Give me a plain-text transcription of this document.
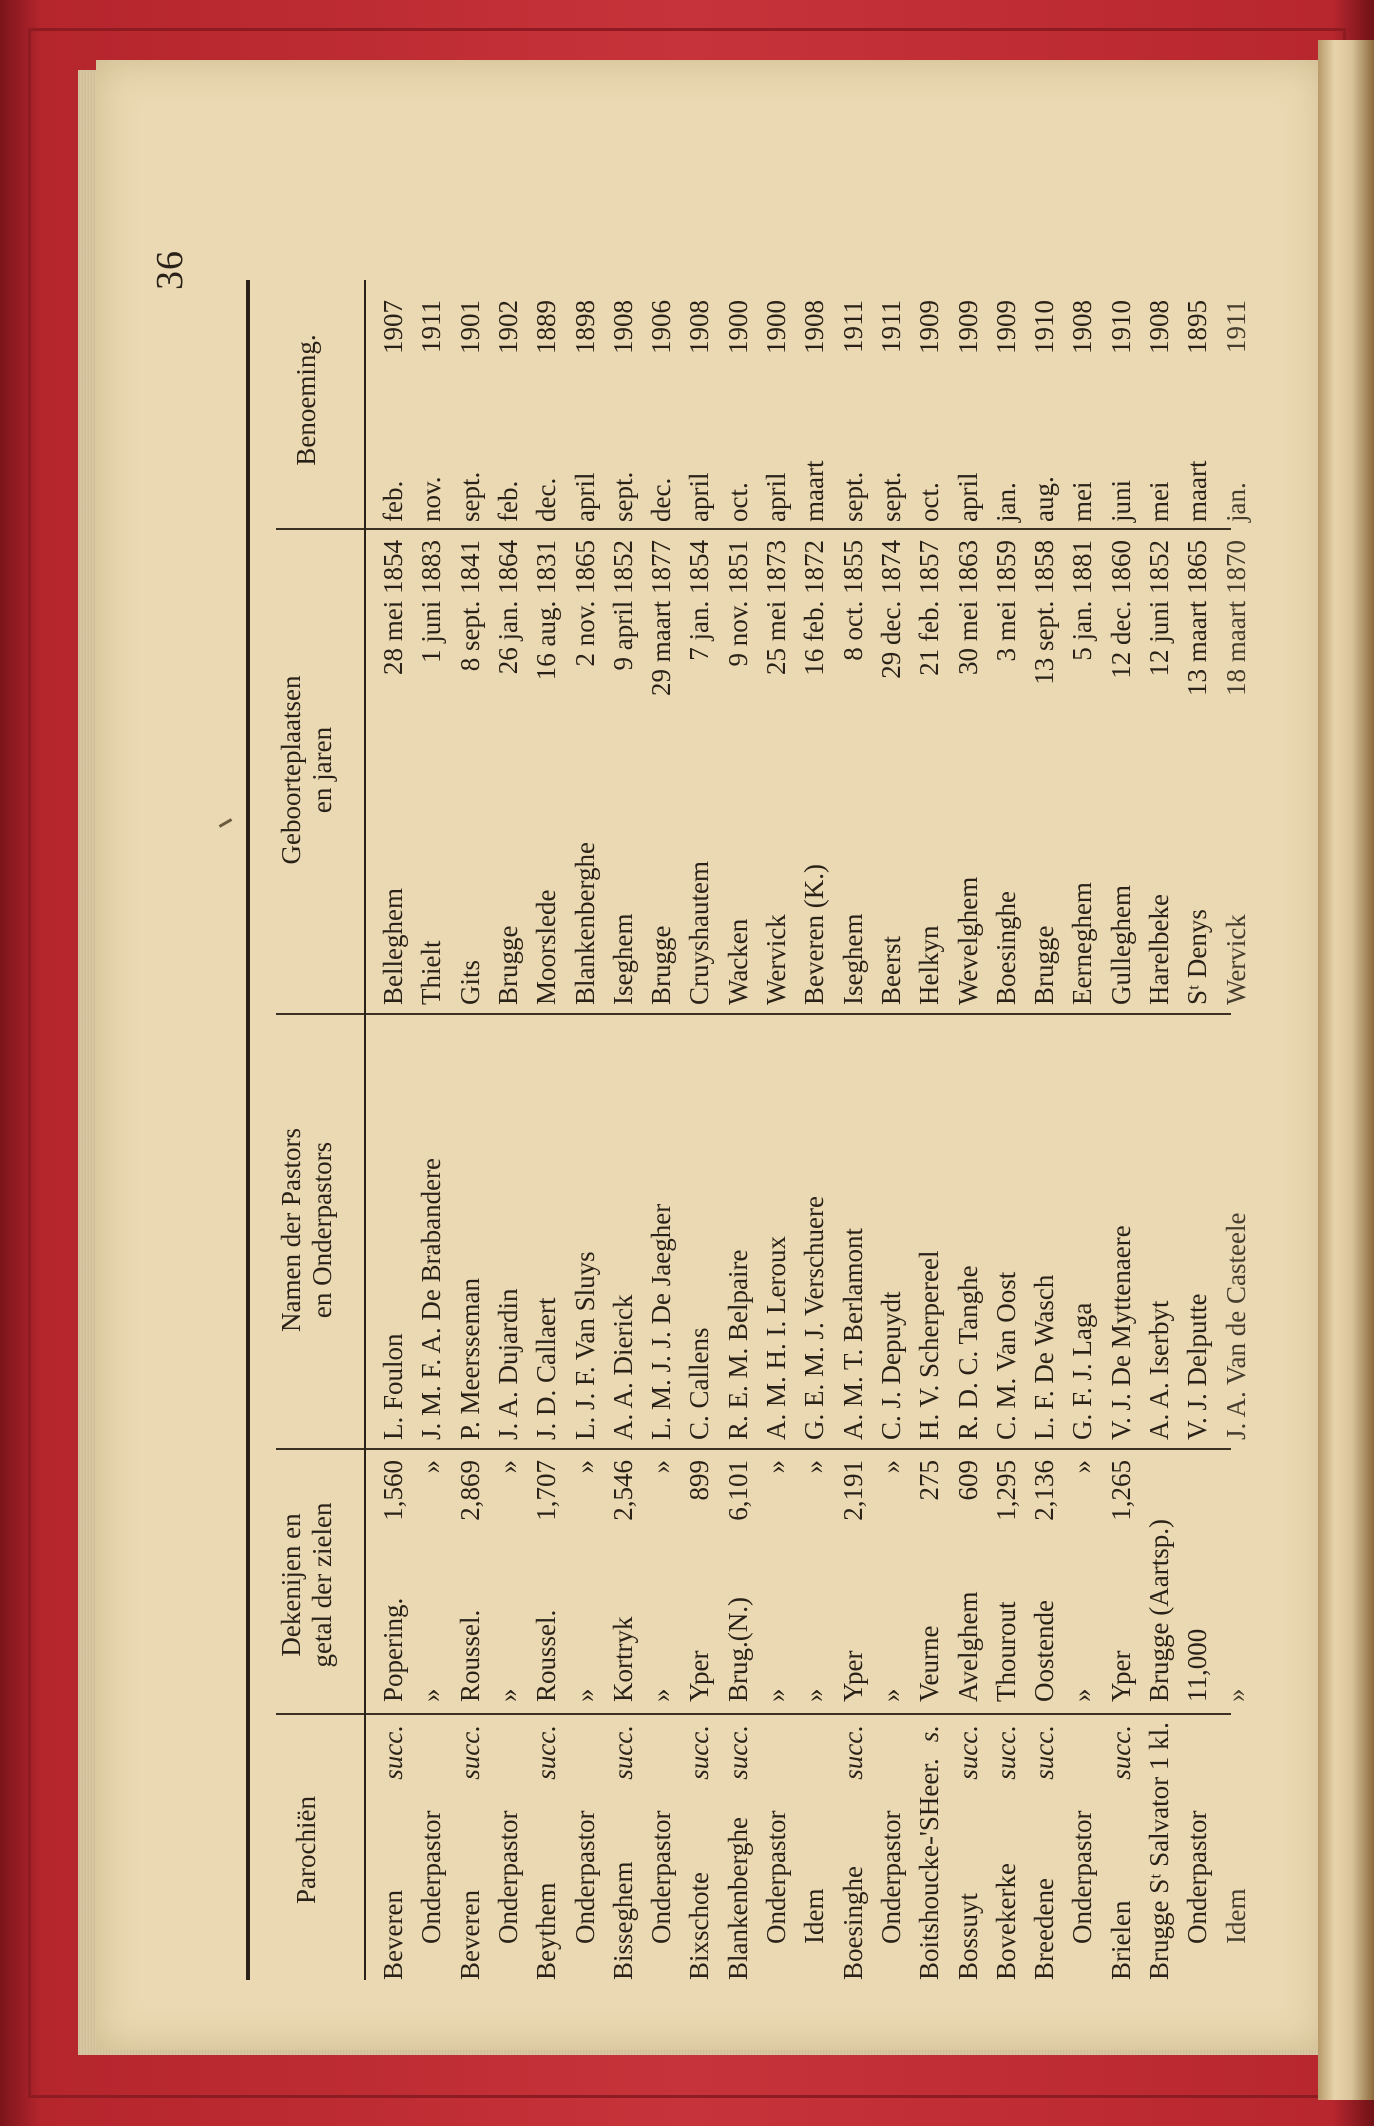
36
Parochiën
Dekenijen en
getal der zielen
Namen der Pastors
en Onderpastors
Geboorteplaatsen
en jaren
Benoeming.
Beveren
Popering.
1,560
L. Foulon
Belleghem
28 mei 1854
feb.
1907
succ.
Onderpastor
»
»
J. M. F. A. De Brabandere
Thielt
1 juni 1883
nov.
1911
Beveren
Roussel.
2,869
P. Meersseman
Gits
8 sept. 1841
sept.
1901
succ.
Onderpastor
»
»
J. A. Dujardin
Brugge
26 jan. 1864
feb.
1902
Beythem
Roussel.
1,707
J. D. Callaert
Moorslede
16 aug. 1831
dec.
1889
succ.
Onderpastor
»
»
L. J. F. Van Sluys
Blankenberghe
2 nov. 1865
april
1898
Bisseghem
Kortryk
2,546
A. A. Dierick
Iseghem
9 april 1852
sept.
1908
succ.
Onderpastor
»
»
L. M. J. J. De Jaegher
Brugge
29 maart 1877
dec.
1906
Bixschote
Yper
899
C. Callens
Cruyshautem
7 jan. 1854
april
1908
succ.
Blankenberghe
Brug.(N.)
6,101
R. E. M. Belpaire
Wacken
9 nov. 1851
oct.
1900
succ.
Onderpastor
»
»
A. M. H. I. Leroux
Wervick
25 mei 1873
april
1900
Idem
»
»
G. E. M. J. Verschuere
Beveren (K.)
16 feb. 1872
maart
1908
Boesinghe
Yper
2,191
A. M. T. Berlamont
Iseghem
8 oct. 1855
sept.
1911
succ.
Onderpastor
»
»
C. J. Depuydt
Beerst
29 dec. 1874
sept.
1911
Boitshoucke-'SHeer.
Veurne
275
H. V. Scherpereel
Helkyn
21 feb. 1857
oct.
1909
s.
Bossuyt
Avelghem
609
R. D. C. Tanghe
Wevelghem
30 mei 1863
april
1909
succ.
Bovekerke
Thourout
1,295
C. M. Van Oost
Boesinghe
3 mei 1859
jan.
1909
succ.
Breedene
Oostende
2,136
L. F. De Wasch
Brugge
13 sept. 1858
aug.
1910
succ.
Onderpastor
»
»
G. F. J. Laga
Eerneghem
5 jan. 1881
mei
1908
Brielen
Yper
1,265
V. J. De Myttenaere
Gulleghem
12 dec. 1860
juni
1910
succ. Brugge Sᵗ Salvator 1 kl.
Brugge (Aartsp.)
A. A. Iserbyt
Harelbeke
12 juni 1852
mei
1908
Onderpastor
11,000
V. J. Delputte
Sᵗ Denys
13 maart 1865
maart
1895
Idem
»
J. A. Van de Casteele
Wervick
18 maart 1870
jan.
1911
